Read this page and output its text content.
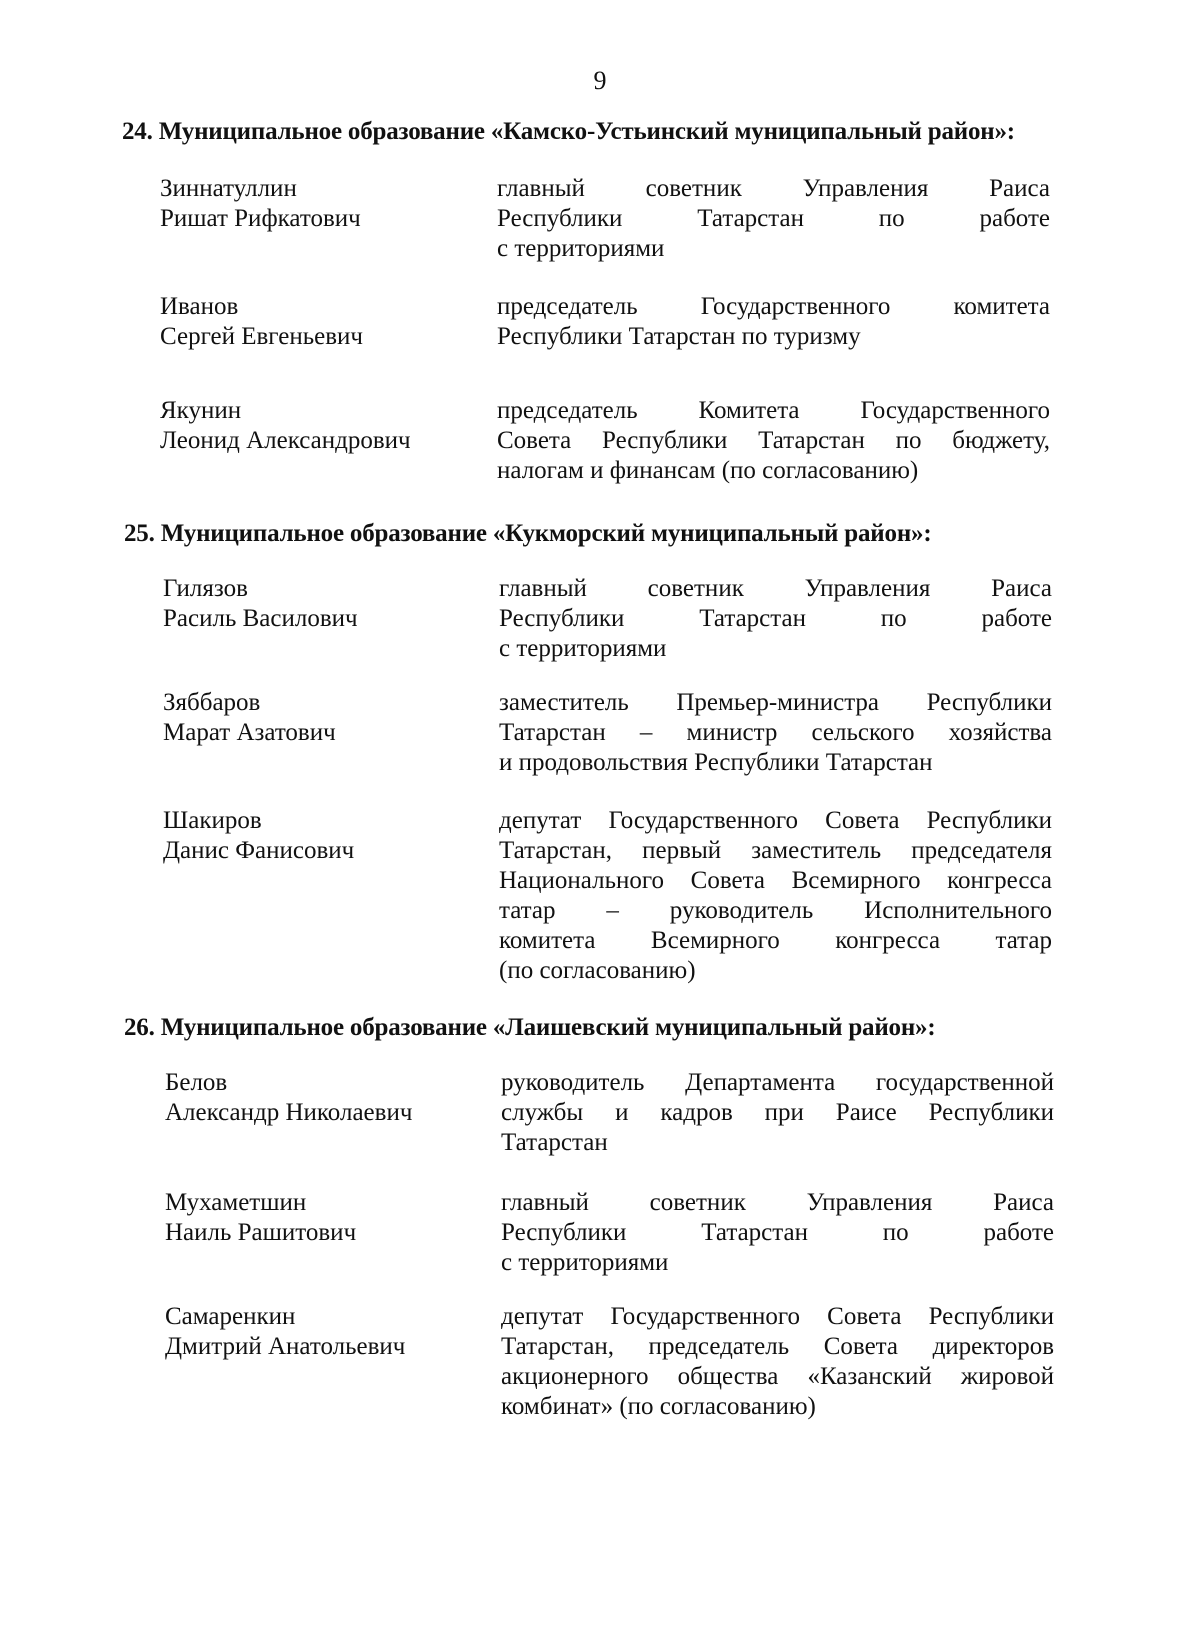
9
24. Муниципальное образование «Камско-Устьинский муниципальный район»:
Зиннатуллин
Ришат Рифкатович
главный советник Управления Раиса
Республики Татарстан по работе
с территориями
Иванов
Сергей Евгеньевич
председатель Государственного комитета
Республики Татарстан по туризму
Якунин
Леонид Александрович
председатель Комитета Государственного
Совета Республики Татарстан по бюджету,
налогам и финансам (по согласованию)
25. Муниципальное образование «Кукморский муниципальный район»:
Гилязов
Расиль Василович
главный советник Управления Раиса
Республики Татарстан по работе
с территориями
Зяббаров
Марат Азатович
заместитель Премьер-министра Республики
Татарстан – министр сельского хозяйства
и продовольствия Республики Татарстан
Шакиров
Данис Фанисович
депутат Государственного Совета Республики
Татарстан, первый заместитель председателя
Национального Совета Всемирного конгресса
татар – руководитель Исполнительного
комитета Всемирного конгресса татар
(по согласованию)
26. Муниципальное образование «Лаишевский муниципальный район»:
Белов
Александр Николаевич
руководитель Департамента государственной
службы и кадров при Раисе Республики
Татарстан
Мухаметшин
Наиль Рашитович
главный советник Управления Раиса
Республики Татарстан по работе
с территориями
Самаренкин
Дмитрий Анатольевич
депутат Государственного Совета Республики
Татарстан, председатель Совета директоров
акционерного общества «Казанский жировой
комбинат» (по согласованию)
